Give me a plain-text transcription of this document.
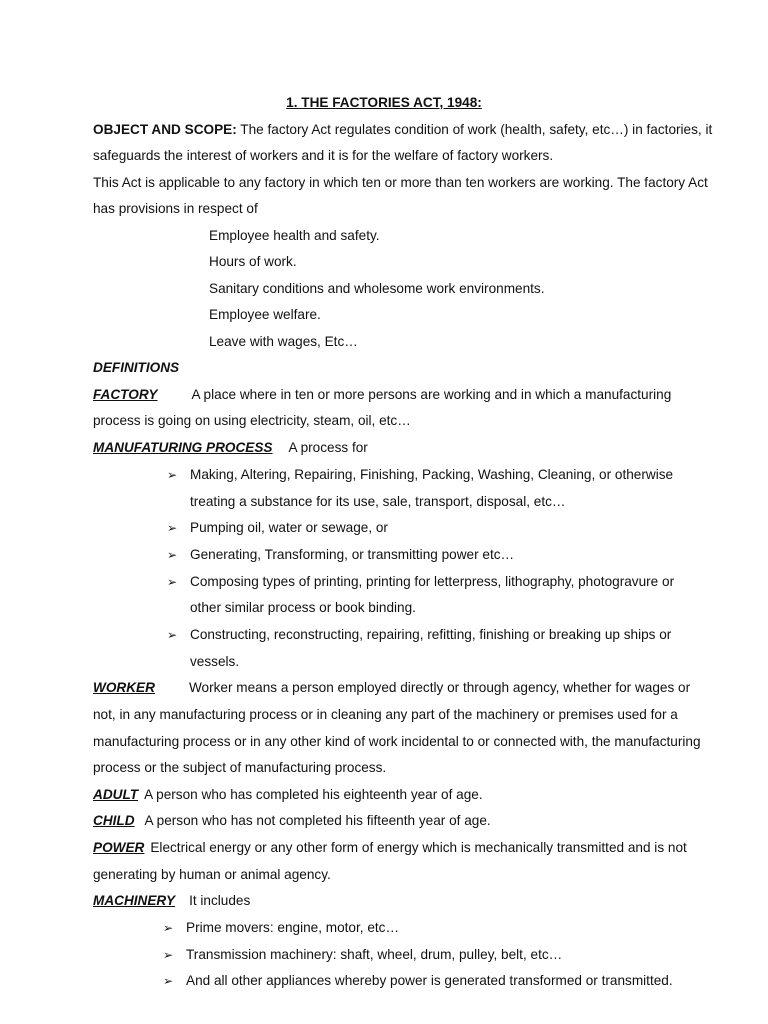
1. THE FACTORIES ACT, 1948:
OBJECT AND SCOPE: The factory Act regulates condition of work (health, safety, etc…) in factories, it
safeguards the interest of workers and it is for the welfare of factory workers.
This Act is applicable to any factory in which ten or more than ten workers are working. The factory Act
has provisions in respect of
Employee health and safety.
Hours of work.
Sanitary conditions and wholesome work environments.
Employee welfare.
Leave with wages, Etc…
DEFINITIONS
FACTORY	A place where in ten or more persons are working and in which a manufacturing
process is going on using electricity, steam, oil, etc…
MANUFATURING PROCESS A process for
➢ Making, Altering, Repairing, Finishing, Packing, Washing, Cleaning, or otherwise
treating a substance for its use, sale, transport, disposal, etc…
➢ Pumping oil, water or sewage, or
➢ Generating, Transforming, or transmitting power etc…
➢ Composing types of printing, printing for letterpress, lithography, photogravure or
other similar process or book binding.
➢ Constructing, reconstructing, repairing, refitting, finishing or breaking up ships or
vessels.
WORKER	Worker means a person employed directly or through agency, whether for wages or
not, in any manufacturing process or in cleaning any part of the machinery or premises used for a
manufacturing process or in any other kind of work incidental to or connected with, the manufacturing
process or the subject of manufacturing process.
ADULT A person who has completed his eighteenth year of age.
CHILD A person who has not completed his fifteenth year of age.
POWER Electrical energy or any other form of energy which is mechanically transmitted and is not
generating by human or animal agency.
MACHINERY It includes
➢ Prime movers: engine, motor, etc…
➢ Transmission machinery: shaft, wheel, drum, pulley, belt, etc…
➢ And all other appliances whereby power is generated transformed or transmitted.
